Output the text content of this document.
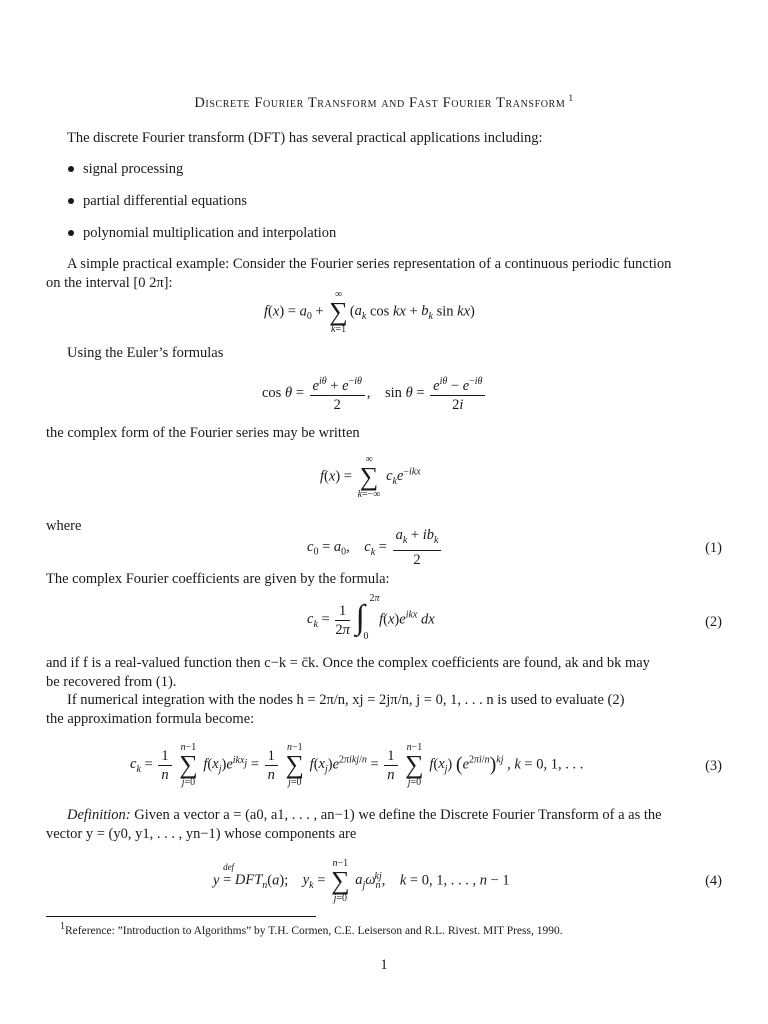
Discrete Fourier Transform and Fast Fourier Transform $^1$
The discrete Fourier transform (DFT) has several practical applications including:
signal processing
partial differential equations
polynomial multiplication and interpolation
A simple practical example: Consider the Fourier series representation of a continuous periodic function
on the interval [0 2π]:
$f(x) = a_0$ +
∞
∑
k=1
($a_k$ cos kx + $b_k$ sin kx)
Using the Euler’s formulas
$\cos \theta = \frac{e^{i\theta} + e^{-i\theta}}{2}$ ,    $\sin \theta = \frac{e^{i\theta} - e^{-i\theta}}{2i}$
the complex form of the Fourier series may be written
f(x) =
∞
∑
k=−∞
$c_ke^{-ikx}$
where
$c_0 = a_0$,    $c_k = \frac{a_k + ib_k}{2}$	(1)
The complex Fourier coefficients are given by the formula:
$c_k = \frac{1}{2\pi}$
∫
2π
0
$f(x)e^{ikx}$ dx	(2)
and if f is a real-valued function then c−k = c̄k. Once the complex coefficients are found, ak and bk may
be recovered from (1).
If numerical integration with the nodes h = 2π/n, xj = 2jπ/n, j = 0, 1, . . . n is used to evaluate (2)
the approximation formula become:
$c_k = \frac{1}{n}$
n−1
∑
j=0
$f(x_j)e^{ikx_j} = \frac{1}{n}$
n−1
∑
j=0
$f(x_j)e^{2\pi ikj/n} = \frac{1}{n}$
n−1
∑
j=0
$f(x_j)$ $(e^{2\pi i/n})^{kj}$ , k = 0, 1, . . .	(3)
Definition: Given a vector a = (a0, a1, . . . , an−1) we define the Discrete Fourier Transform of a as the
vector y = (y0, y1, . . . , yn−1) whose components are
y
def
= $DFT_n(a)$;    $y_k$ =
n−1
∑
j=0
$a_j\omega_n^{kj}$,    k = 0, 1, . . . , n − 1	(4)
$^1$Reference: ”Introduction to Algorithms” by T.H. Cormen, C.E. Leiserson and R.L. Rivest. MIT Press, 1990.
1
